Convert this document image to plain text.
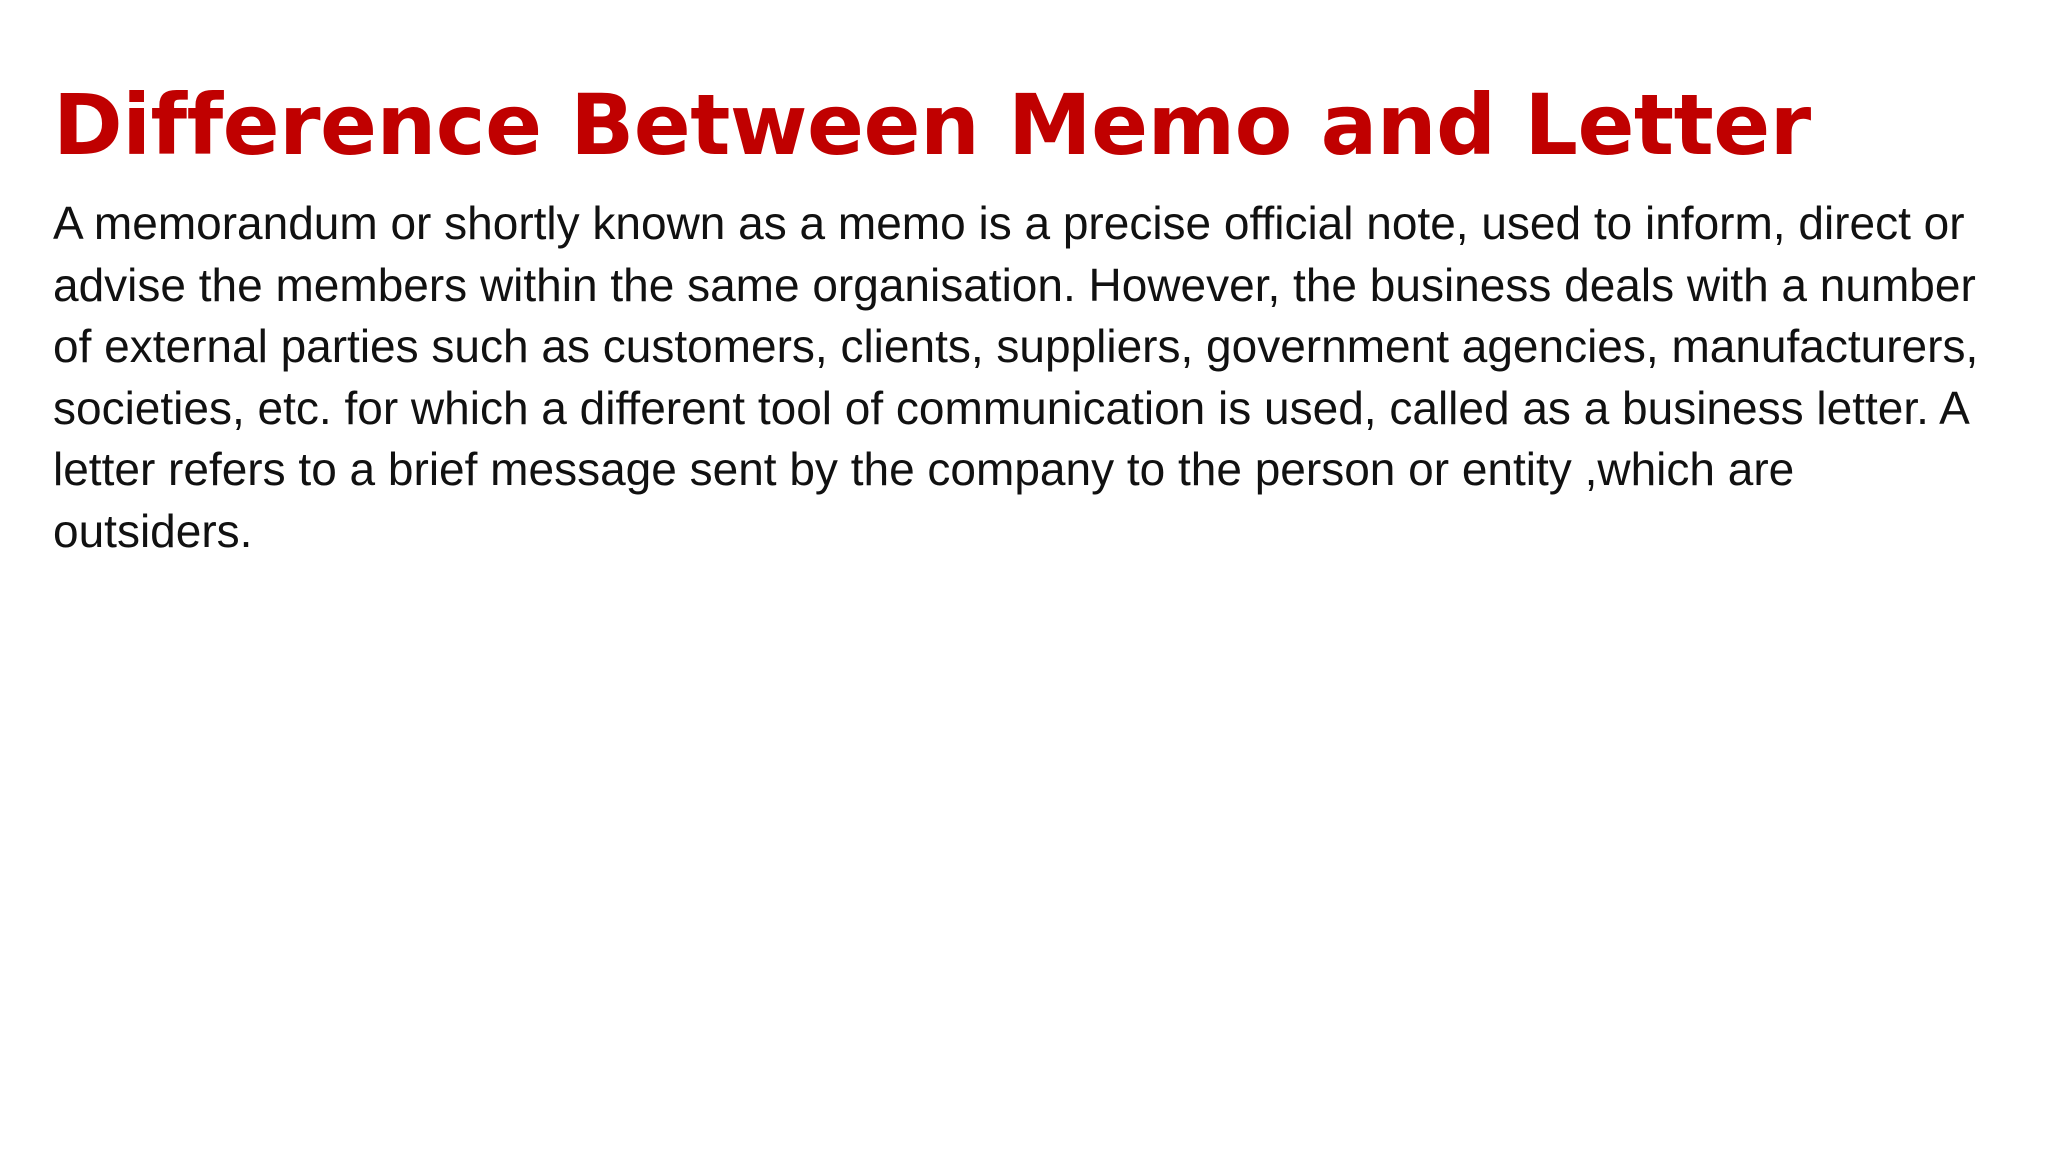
Difference Between Memo and Letter

A memorandum or shortly known as a memo is a precise official note, used to inform, direct or
advise the members within the same organisation. However, the business deals with a number
of external parties such as customers, clients, suppliers, government agencies, manufacturers,
societies, etc. for which a different tool of communication is used, called as a business letter. A
letter refers to a brief message sent by the company to the person or entity ,which are
outsiders.
